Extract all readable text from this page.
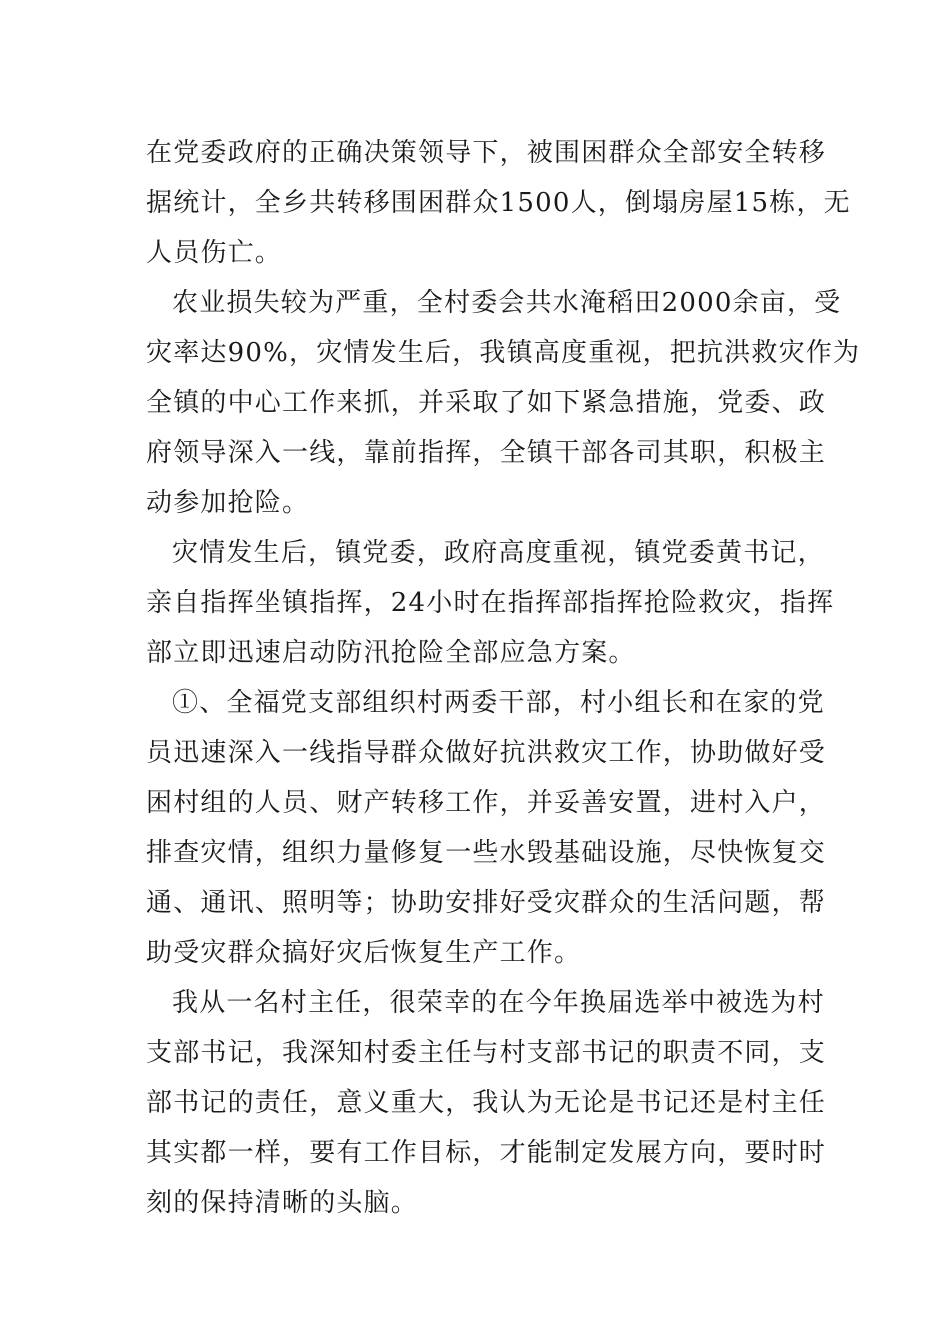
在党委政府的正确决策领导下，被围困群众全部安全转移
据统计，全乡共转移围困群众1500人，倒塌房屋15栋，无
人员伤亡。

农业损失较为严重，全村委会共水淹稻田2000余亩，受
灾率达90%，灾情发生后，我镇高度重视，把抗洪救灾作为
全镇的中心工作来抓，并采取了如下紧急措施，党委、政
府领导深入一线，靠前指挥，全镇干部各司其职，积极主
动参加抢险。

灾情发生后，镇党委，政府高度重视，镇党委黄书记，
亲自指挥坐镇指挥，24小时在指挥部指挥抢险救灾，指挥
部立即迅速启动防汛抢险全部应急方案。

①、全福党支部组织村两委干部，村小组长和在家的党
员迅速深入一线指导群众做好抗洪救灾工作，协助做好受
困村组的人员、财产转移工作，并妥善安置，进村入户，
排查灾情，组织力量修复一些水毁基础设施，尽快恢复交
通、通讯、照明等；协助安排好受灾群众的生活问题，帮
助受灾群众搞好灾后恢复生产工作。

我从一名村主任，很荣幸的在今年换届选举中被选为村
支部书记，我深知村委主任与村支部书记的职责不同，支
部书记的责任，意义重大，我认为无论是书记还是村主任
其实都一样，要有工作目标，才能制定发展方向，要时时
刻的保持清晰的头脑。
